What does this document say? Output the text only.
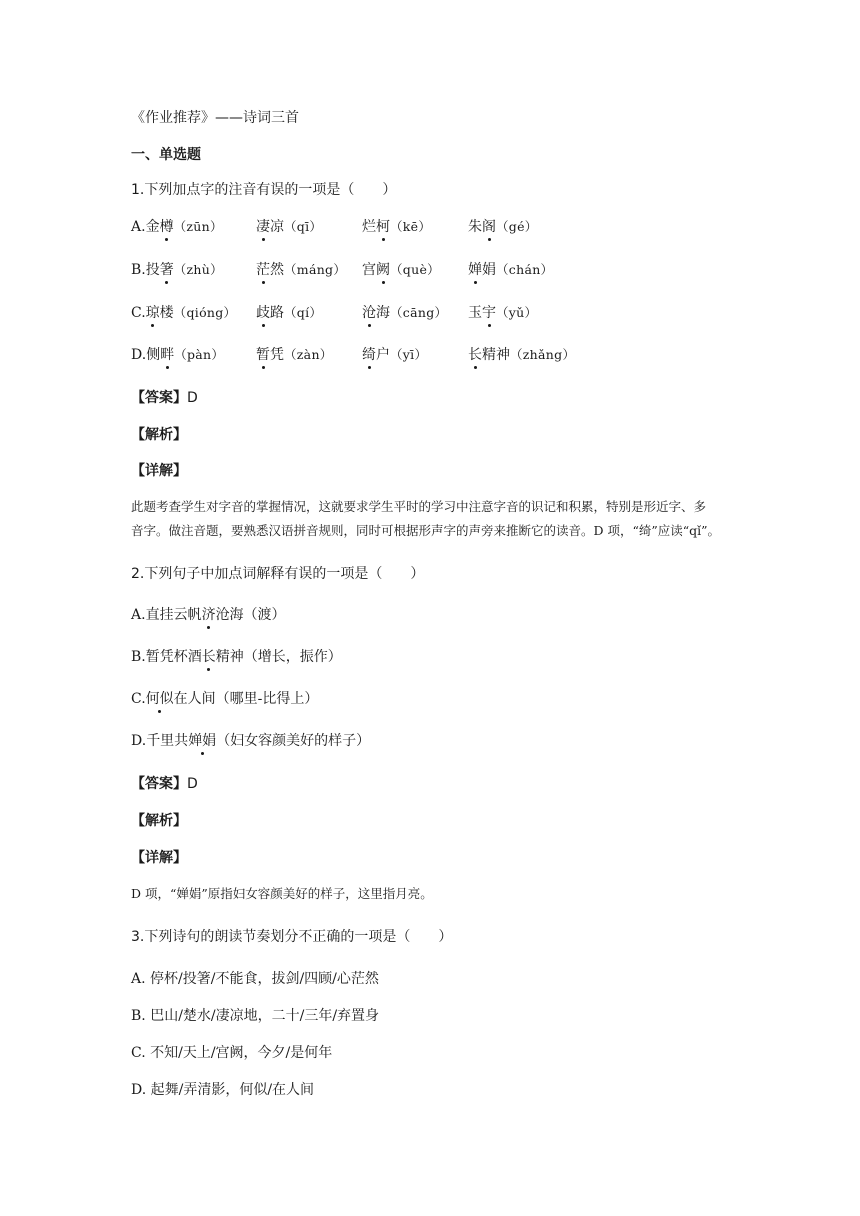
《作业推荐》——诗词三首
一、单选题
1.下列加点字的注音有误的一项是（　　）
A.金樽（zūn） 凄凉（qī）	烂柯（kē）	朱阁（gé）
B.投箸（zhù） 茫然（máng） 宫阙（què） 婵娟（chán）
C.琼楼（qióng） 歧路（qí）	沧海（cāng） 玉宇（yǔ）
D.侧畔（pàn） 暂凭（zàn） 绮户（yī）	长精神（zhǎng）
【答案】D
【解析】
【详解】
此题考查学生对字音的掌握情况，这就要求学生平时的学习中注意字音的识记和积累，特别是形近字、多
音字。做注音题，要熟悉汉语拼音规则，同时可根据形声字的声旁来推断它的读音。D 项，“绮”应读“qǐ”。
2.下列句子中加点词解释有误的一项是（　　）
A.直挂云帆济沧海（渡）
B.暂凭杯酒长精神（增长，振作）
C.何似在人间（哪里-比得上）
D.千里共婵娟（妇女容颜美好的样子）
【答案】D
【解析】
【详解】
D 项，“婵娟”原指妇女容颜美好的样子，这里指月亮。
3.下列诗句的朗读节奏划分不正确的一项是（　　）
A. 停杯/投箸/不能食，拔剑/四顾/心茫然
B. 巴山/楚水/凄凉地，二十/三年/弃置身
C. 不知/天上/宫阙，今夕/是何年
D. 起舞/弄清影，何似/在人间
